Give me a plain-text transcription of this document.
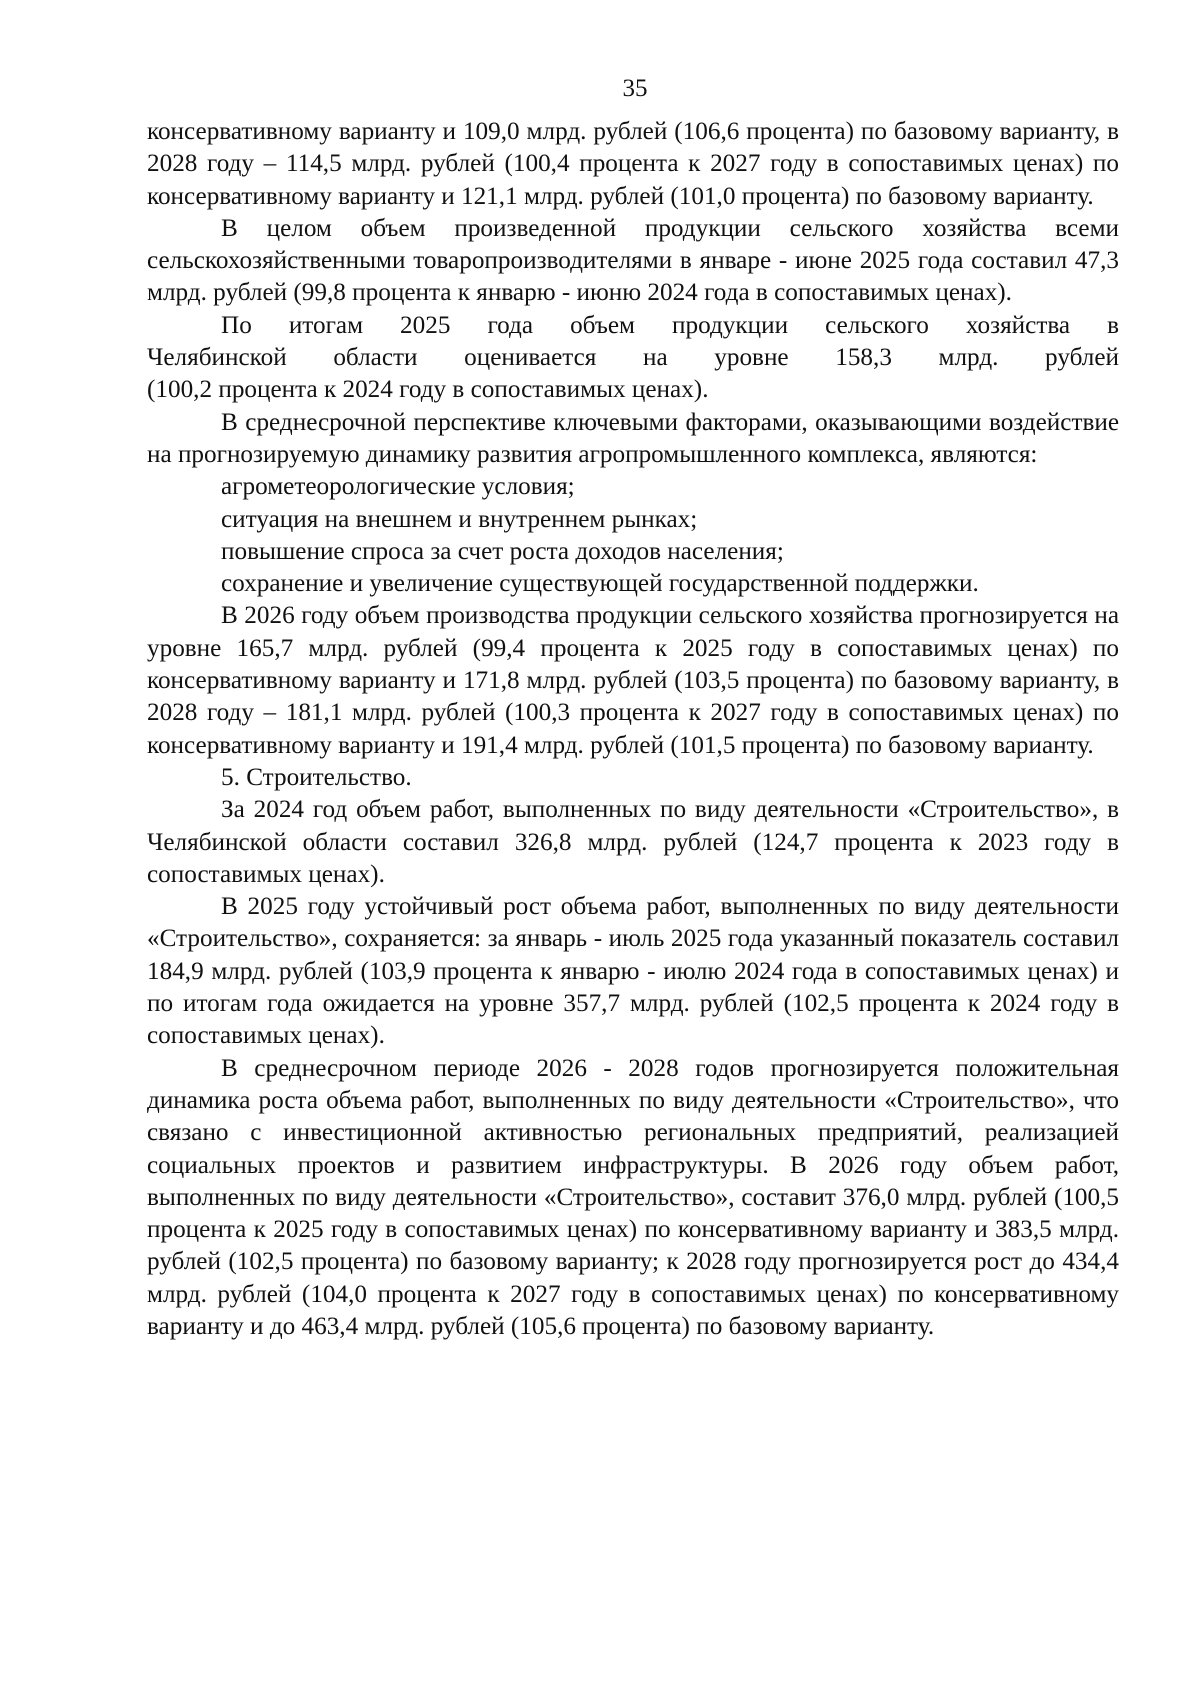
35

консервативному варианту и 109,0 млрд. рублей (106,6 процента) по базовому варианту, в 2028 году – 114,5 млрд. рублей (100,4 процента к 2027 году в сопоставимых ценах) по консервативному варианту и 121,1 млрд. рублей (101,0 процента) по базовому варианту.

В целом объем произведенной продукции сельского хозяйства всеми сельскохозяйственными товаропроизводителями в январе - июне 2025 года составил 47,3 млрд. рублей (99,8 процента к январю - июню 2024 года в сопоставимых ценах).

По итогам 2025 года объем продукции сельского хозяйства в
Челябинской области оценивается на уровне 158,3 млрд. рублей
(100,2 процента к 2024 году в сопоставимых ценах).

В среднесрочной перспективе ключевыми факторами, оказывающими воздействие на прогнозируемую динамику развития агропромышленного комплекса, являются:

агрометеорологические условия;

ситуация на внешнем и внутреннем рынках;

повышение спроса за счет роста доходов населения;

сохранение и увеличение существующей государственной поддержки.

В 2026 году объем производства продукции сельского хозяйства прогнозируется на уровне 165,7 млрд. рублей (99,4 процента к 2025 году в сопоставимых ценах) по консервативному варианту и 171,8 млрд. рублей (103,5 процента) по базовому варианту, в 2028 году – 181,1 млрд. рублей (100,3 процента к 2027 году в сопоставимых ценах) по консервативному варианту и 191,4 млрд. рублей (101,5 процента) по базовому варианту.

5. Строительство.

За 2024 год объем работ, выполненных по виду деятельности «Строительство», в Челябинской области составил 326,8 млрд. рублей (124,7 процента к 2023 году в сопоставимых ценах).

В 2025 году устойчивый рост объема работ, выполненных по виду деятельности «Строительство», сохраняется: за январь - июль 2025 года указанный показатель составил 184,9 млрд. рублей (103,9 процента к январю - июлю 2024 года в сопоставимых ценах) и по итогам года ожидается на уровне 357,7 млрд. рублей (102,5 процента к 2024 году в сопоставимых ценах).

В среднесрочном периоде 2026 - 2028 годов прогнозируется положительная динамика роста объема работ, выполненных по виду деятельности «Строительство», что связано с инвестиционной активностью региональных предприятий, реализацией социальных проектов и развитием инфраструктуры. В 2026 году объем работ, выполненных по виду деятельности «Строительство», составит 376,0 млрд. рублей (100,5 процента к 2025 году в сопоставимых ценах) по консервативному варианту и 383,5 млрд. рублей (102,5 процента) по базовому варианту; к 2028 году прогнозируется рост до 434,4 млрд. рублей (104,0 процента к 2027 году в сопоставимых ценах) по консервативному варианту и до 463,4 млрд. рублей (105,6 процента) по базовому варианту.
